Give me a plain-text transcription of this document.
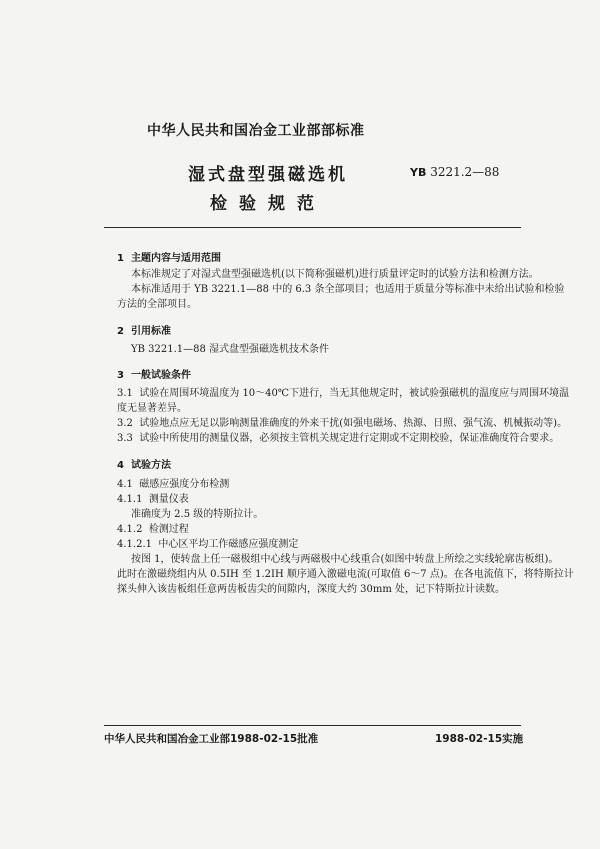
中华人民共和国冶金工业部部标准
湿式盘型强磁选机
检验规范
YB 3221.2—88
1 主题内容与适用范围
本标准规定了对湿式盘型强磁选机(以下简称强磁机)进行质量评定时的试验方法和检测方法。
本标准适用于 YB 3221.1—88 中的 6.3 条全部项目；也适用于质量分等标准中未给出试验和检验
方法的全部项目。
2 引用标准
YB 3221.1—88 湿式盘型强磁选机技术条件
3 一般试验条件
3.1 试验在周围环境温度为 10～40℃下进行，当无其他规定时，被试验强磁机的温度应与周围环境温
度无显著差异。
3.2 试验地点应无足以影响测量准确度的外来干扰(如强电磁场、热源、日照、强气流、机械振动等)。
3.3 试验中所使用的测量仪器，必须按主管机关规定进行定期或不定期校验，保证准确度符合要求。
4 试验方法
4.1 磁感应强度分布检测
4.1.1 测量仪表
准确度为 2.5 级的特斯拉计。
4.1.2 检测过程
4.1.2.1 中心区平均工作磁感应强度测定
按图 1，使转盘上任一磁极组中心线与两磁极中心线重合(如图中转盘上所绘之实线轮廓齿板组)。
此时在激磁绕组内从 0.5IH 至 1.2IH 顺序通入激磁电流(可取值 6～7 点)。在各电流值下，将特斯拉计
探头伸入该齿板组任意两齿板齿尖的间隙内，深度大约 30mm 处，记下特斯拉计读数。
中华人民共和国冶金工业部1988-02-15批准	1988-02-15实施
